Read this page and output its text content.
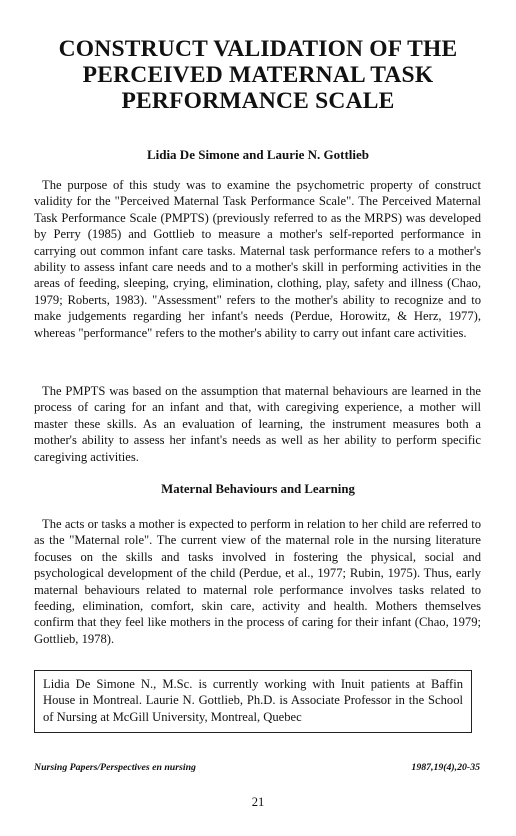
CONSTRUCT VALIDATION OF THE PERCEIVED MATERNAL TASK PERFORMANCE SCALE

Lidia De Simone and Laurie N. Gottlieb

The purpose of this study was to examine the psychometric property of construct validity for the "Perceived Maternal Task Performance Scale". The Perceived Maternal Task Performance Scale (PMPTS) (previously referred to as the MRPS) was developed by Perry (1985) and Gottlieb to measure a mother's self-reported performance in carrying out common infant care tasks. Maternal task performance refers to a mother's ability to assess infant care needs and to a mother's skill in performing activities in the areas of feeding, sleeping, crying, elimination, clothing, play, safety and illness (Chao, 1979; Roberts, 1983). "Assessment" refers to the mother's ability to recognize and to make judgements regarding her infant's needs (Perdue, Horowitz, & Herz, 1977), whereas "performance" refers to the mother's ability to carry out infant care activities.

The PMPTS was based on the assumption that maternal behaviours are learned in the process of caring for an infant and that, with caregiving experience, a mother will master these skills. As an evaluation of learning, the instrument measures both a mother's ability to assess her infant's needs as well as her ability to perform specific caregiving activities.

Maternal Behaviours and Learning

The acts or tasks a mother is expected to perform in relation to her child are referred to as the "Maternal role". The current view of the maternal role in the nursing literature focuses on the skills and tasks involved in fostering the physical, social and psychological development of the child (Perdue, et al., 1977; Rubin, 1975). Thus, early maternal behaviours related to maternal role performance involves tasks related to feeding, elimination, comfort, skin care, activity and health. Mothers themselves confirm that they feel like mothers in the process of caring for their infant (Chao, 1979; Gottlieb, 1978).

Lidia De Simone N., M.Sc. is currently working with Inuit patients at Baffin House in Montreal. Laurie N. Gottlieb, Ph.D. is Associate Professor in the School of Nursing at McGill University, Montreal, Quebec
Nursing Papers/Perspectives en nursing	1987,19(4),20-35
21
